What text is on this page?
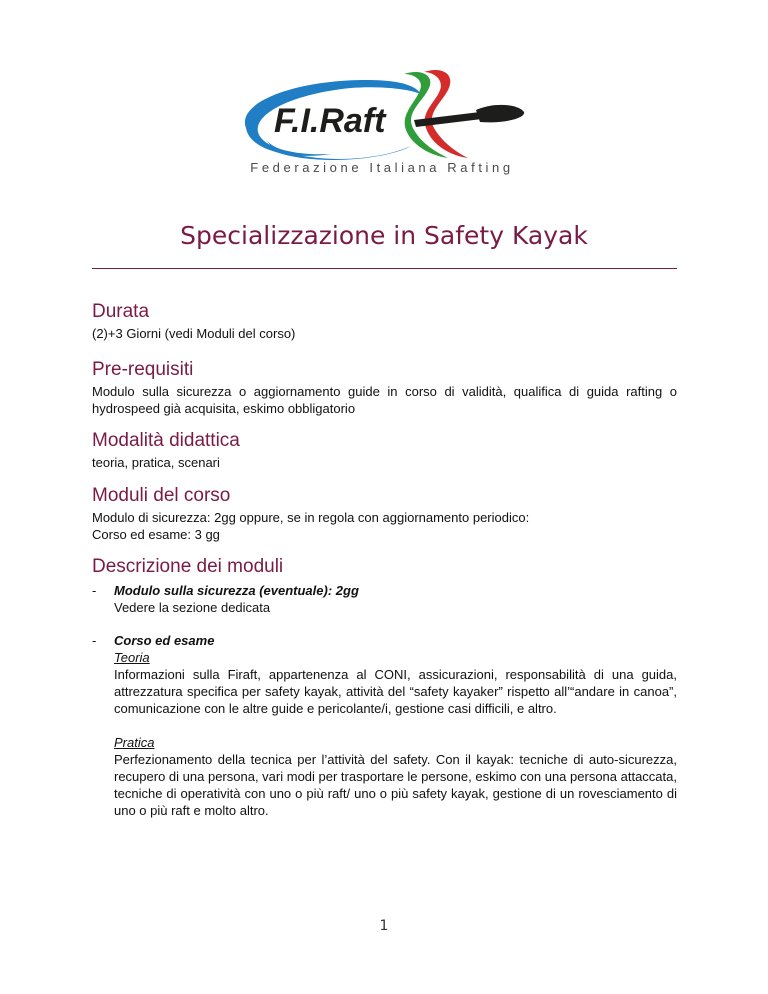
F.I.Raft
Federazione Italiana Rafting
Specializzazione in Safety Kayak
Durata
(2)+3 Giorni (vedi Moduli del corso)
Pre-requisiti
Modulo sulla sicurezza o aggiornamento guide in corso di validità, qualifica di guida rafting o hydrospeed già acquisita, eskimo obbligatorio
Modalità didattica
teoria, pratica, scenari
Moduli del corso

Modulo di sicurezza: 2gg oppure, se in regola con aggiornamento periodico:

Corso ed esame: 3 gg

Descrizione dei moduli
- Modulo sulla sicurezza (eventuale): 2gg
Vedere la sezione dedicata
- Corso ed esame
Teoria
Informazioni sulla Firaft, appartenenza al CONI, assicurazioni, responsabilità di una guida, attrezzatura specifica per safety kayak, attività del “safety kayaker” rispetto all’“andare in canoa”, comunicazione con le altre guide e pericolante/i, gestione casi difficili, e altro.
Pratica
Perfezionamento della tecnica per l’attività del safety. Con il kayak: tecniche di auto-sicurezza, recupero di una persona, vari modi per trasportare le persone, eskimo con una persona attaccata, tecniche di operatività con uno o più raft/ uno o più safety kayak, gestione di un rovesciamento di uno o più raft e molto altro.
1
